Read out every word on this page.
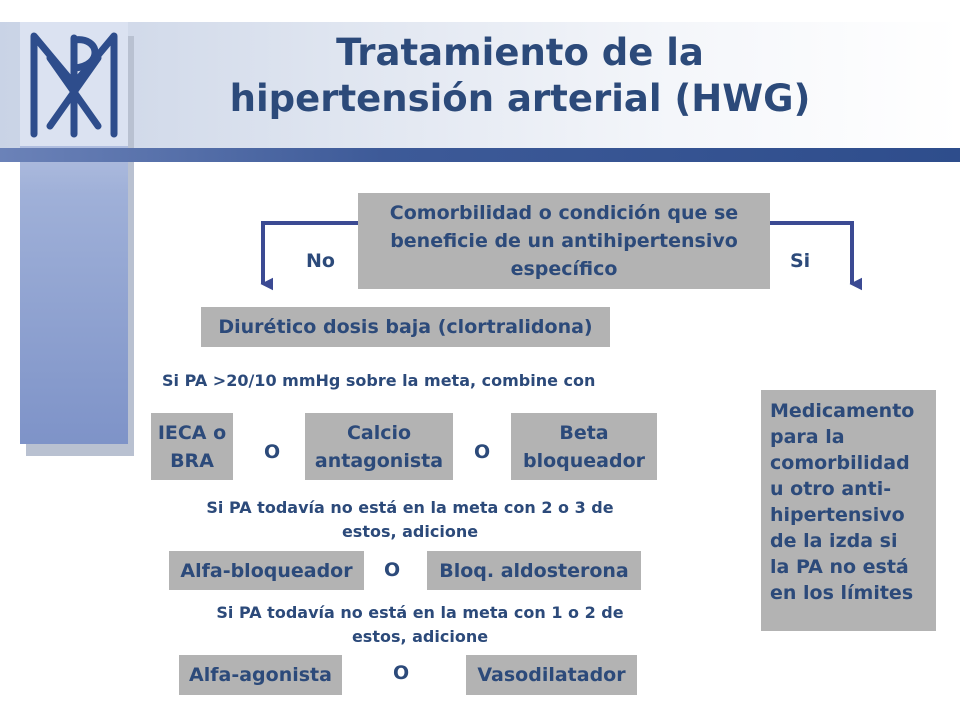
Tratamiento de la
hipertensión arterial (HWG)
Comorbilidad o condición que se beneficie de un antihipertensivo específico
No	Si
Diurético dosis baja (clortralidona)
Si PA >20/10 mmHg sobre la meta, combine con
IECA o
BRA	O
Calcio
antagonista O
Beta
bloqueador
Si PA todavía no está en la meta con 2 o 3 de
estos, adicione
Alfa-bloqueador	O	Bloq. aldosterona
Si PA todavía no está en la meta con 1 o 2 de
estos, adicione
Alfa-agonista	O	Vasodilatador
Medicamento
para la
comorbilidad
u otro anti-
hipertensivo
de la izda si
la PA no está
en los límites
